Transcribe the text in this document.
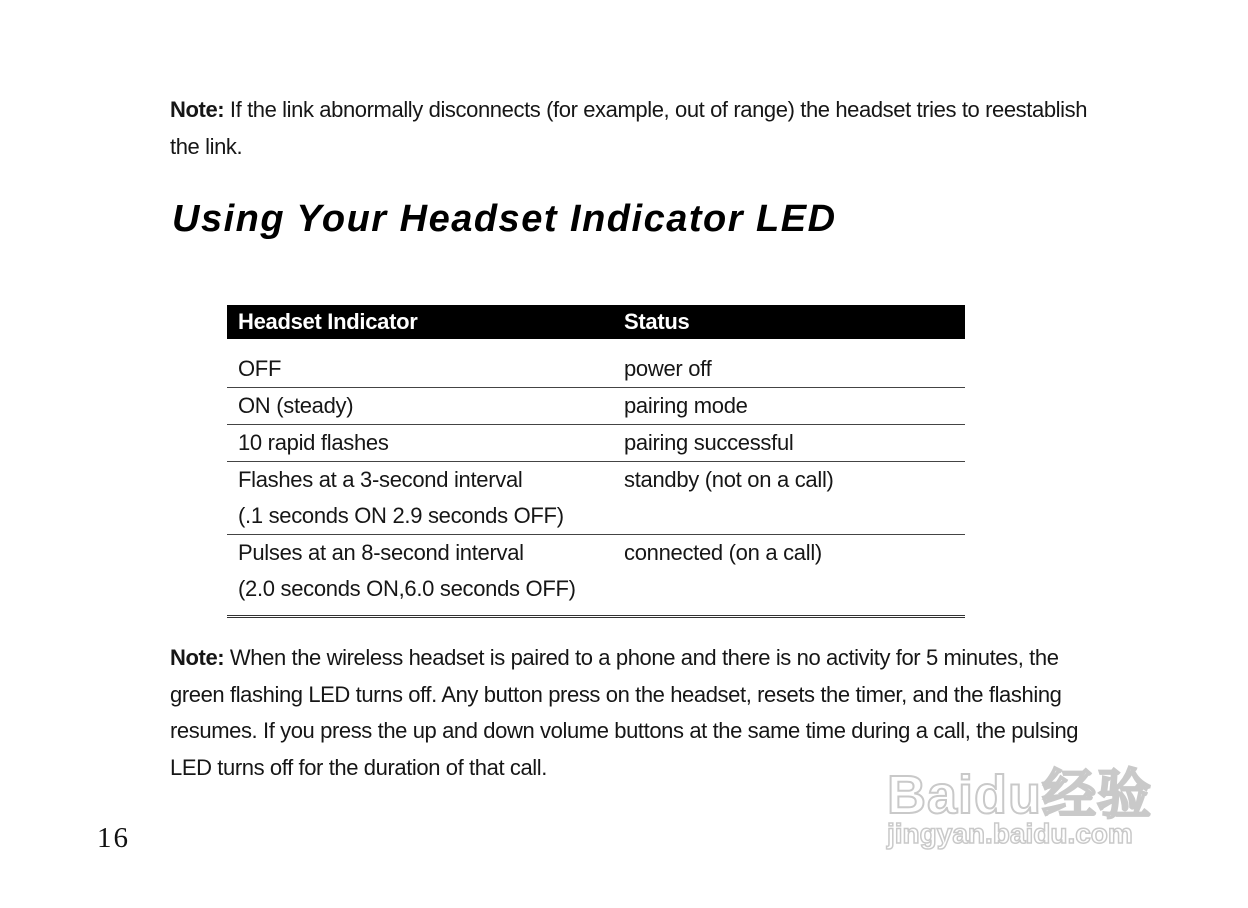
Note: If the link abnormally disconnects (for example, out of range) the headset tries to reestablish the link.

Using Your Headset Indicator LED
Headset Indicator	Status

OFF	power off

ON (steady)	pairing mode

10 rapid flashes	pairing successful

Flashes at a 3-second interval
(.1 seconds ON 2.9 seconds OFF)	standby (not on a call)

Pulses at an 8-second interval
(2.0 seconds ON,6.0 seconds OFF)	connected (on a call)

Note: When the wireless headset is paired to a phone and there is no activity for 5 minutes, the green flashing LED turns off. Any button press on the headset, resets the timer, and the flashing resumes. If you press the up and down volume buttons at the same time during a call, the pulsing LED turns off for the duration of that call.

16
Baidu经验
jingyan.baidu.com
